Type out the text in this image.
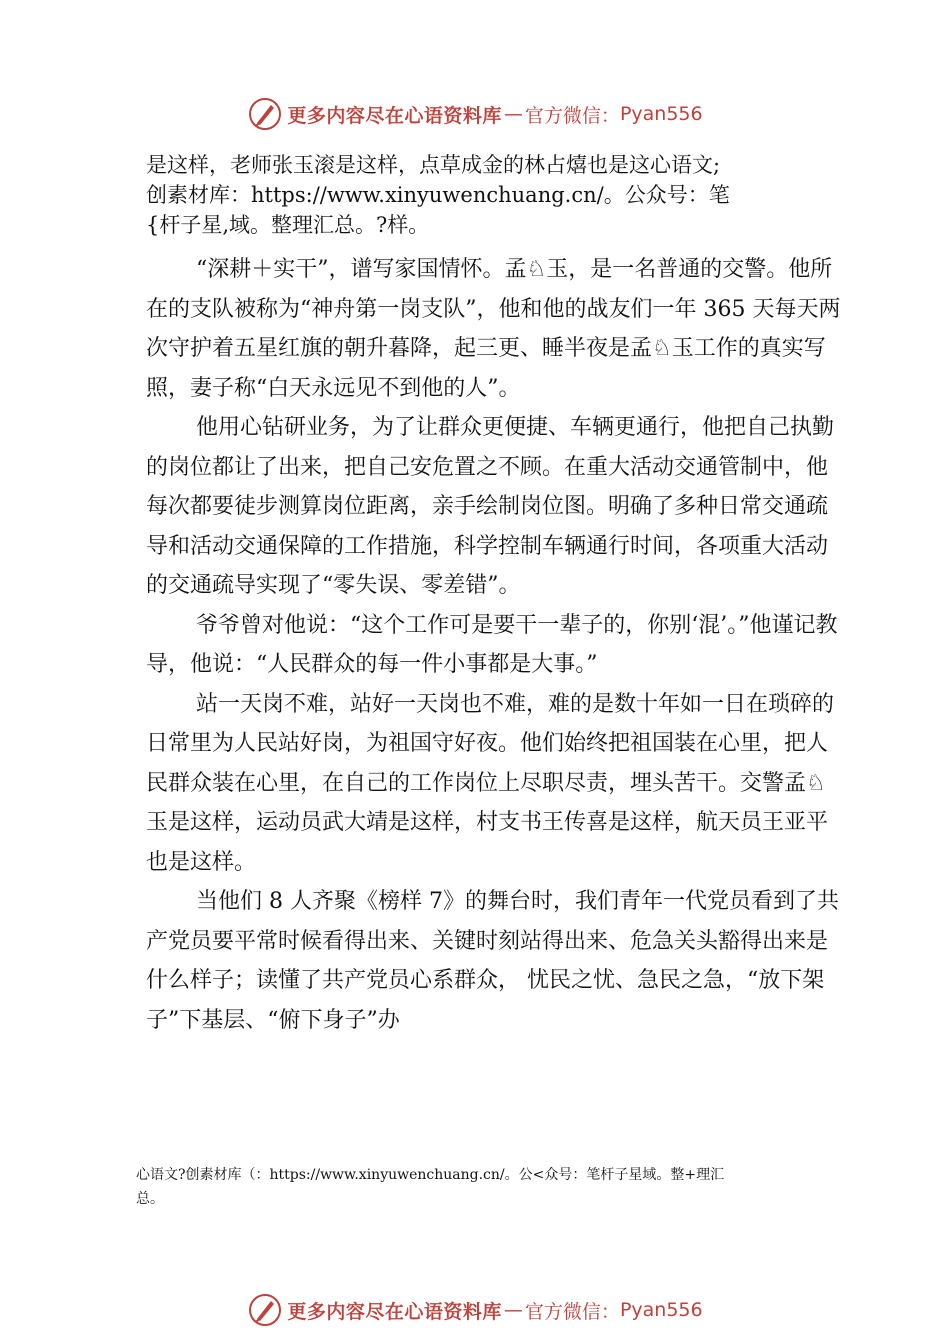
更多内容尽在心语资料库 — 官方微信： Pyan556
是这样，老师张玉滚是这样，点草成金的林占熺也是这心语文;
创素材库：https://www.xinyuwenchuang.cn/。公众号：笔
{杆子星,域。整理汇总。?样。

“深耕＋实干”，谱写家国情怀。孟♘玉，是一名普通的交警。他所在的支队被称为“神舟第一岗支队”，他和他的战友们一年 365 天每天两次守护着五星红旗的朝升暮降，起三更、睡半夜是孟♘玉工作的真实写照，妻子称“白天永远见不到他的人”。

他用心钻研业务，为了让群众更便捷、车辆更通行，他把自己执勤的岗位都让了出来，把自己安危置之不顾。在重大活动交通管制中，他每次都要徒步测算岗位距离，亲手绘制岗位图。明确了多种日常交通疏导和活动交通保障的工作措施，科学控制车辆通行时间，各项重大活动的交通疏导实现了“零失误、零差错”。

爷爷曾对他说：“这个工作可是要干一辈子的，你别‘混’。”他谨记教导，他说：“人民群众的每一件小事都是大事。”

站一天岗不难，站好一天岗也不难，难的是数十年如一日在琐碎的日常里为人民站好岗，为祖国守好夜。他们始终把祖国装在心里，把人民群众装在心里，在自己的工作岗位上尽职尽责，埋头苦干。交警孟♘玉是这样，运动员武大靖是这样，村支书王传喜是这样，航天员王亚平也是这样。

当他们 8 人齐聚《榜样 7》的舞台时，我们青年一代党员看到了共产党员要平常时候看得出来、关键时刻站得出来、危急关头豁得出来是什么样子；读懂了共产党员心系群众， 忧民之忧、急民之急，“放下架子”下基层、“俯下身子”办

心语文?创素材库（：https://www.xinyuwenchuang.cn/。公<众号：笔杆子星域。整+理汇
总。
更多内容尽在心语资料库 — 官方微信： Pyan556
